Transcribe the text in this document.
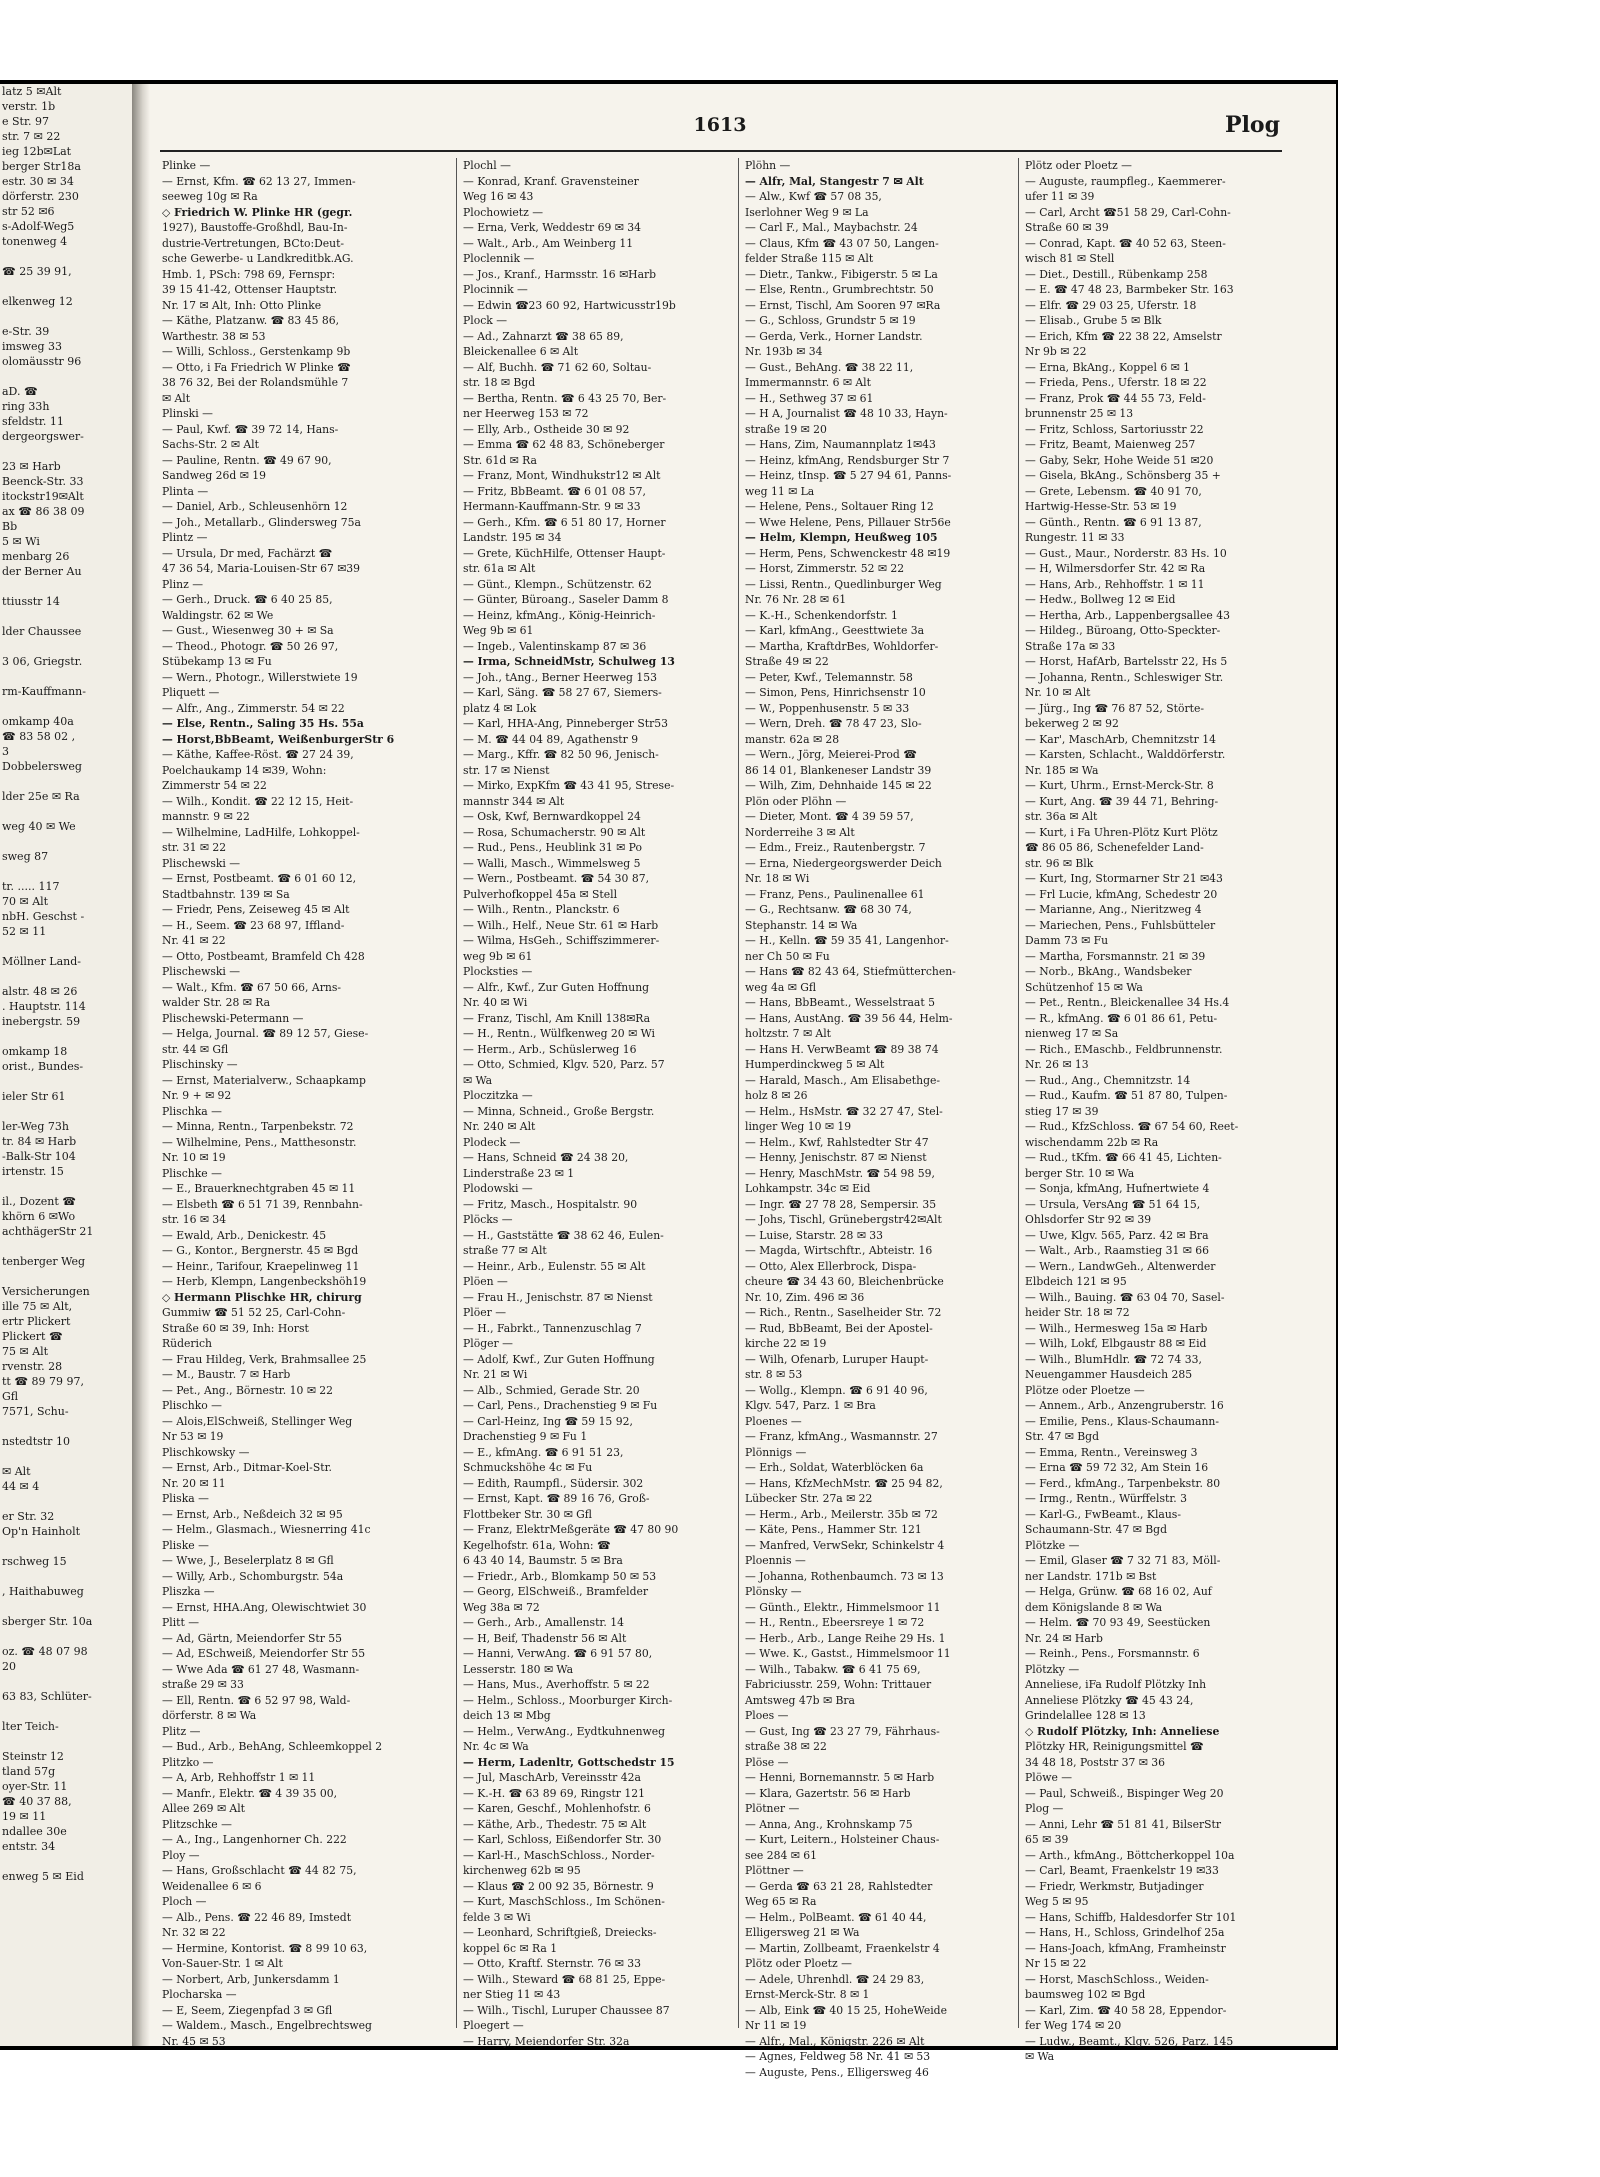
latz 5 ✉Alt
verstr. 1b
e Str. 97
str. 7 ✉ 22
ieg 12b✉Lat
berger Str18a
estr. 30 ✉ 34
dörferstr. 230
str 52 ✉6
s-Adolf-Weg5
tonenweg 4

☎ 25 39 91,

elkenweg 12

e-Str. 39
imsweg 33
olomäusstr 96

aD. ☎
ring 33h
sfeldstr. 11
dergeorgswer-

23 ✉ Harb
Beenck-Str. 33
itockstr19✉Alt
ax ☎ 86 38 09
Bb
5 ✉ Wi
menbarg 26
der Berner Au

ttiusstr 14

lder Chaussee

3 06, Griegstr.

rm-Kauffmann-

omkamp 40a
☎ 83 58 02 ,
3
Dobbelersweg

lder 25e ✉ Ra

weg 40 ✉ We

sweg 87

tr. ..... 117
70 ✉ Alt
nbH. Geschst -
52 ✉ 11

Möllner Land-

alstr. 48 ✉ 26
. Hauptstr. 114
inebergstr. 59

omkamp 18
orist., Bundes-

ieler Str 61

ler-Weg 73h
tr. 84 ✉ Harb
-Balk-Str 104
irtenstr. 15

il., Dozent ☎
khörn 6 ✉Wo
achthägerStr 21

tenberger Weg

Versicherungen
ille 75 ✉ Alt,
ertr Plickert
Plickert ☎
75 ✉ Alt
rvenstr. 28
tt ☎ 89 79 97,
Gfl
7571, Schu-

nstedtstr 10

✉ Alt
44 ✉ 4

er Str. 32
Op'n Hainholt

rschweg 15

, Haithabuweg

sberger Str. 10a

oz. ☎ 48 07 98
20

63 83, Schlüter-

lter Teich-

Steinstr 12
tland 57g
oyer-Str. 11
☎ 40 37 88,
19 ✉ 11
ndallee 30e
entstr. 34

enweg 5 ✉ Eid
1613	Plog
Plinke —
— Ernst, Kfm. ☎ 62 13 27, Immen-
seeweg 10g ✉ Ra
◇ Friedrich W. Plinke HR (gegr.
1927), Baustoffe-Großhdl, Bau-In-
dustrie-Vertretungen, BCto:Deut-
sche Gewerbe- u Landkreditbk.AG.
Hmb. 1, PSch: 798 69, Fernspr:
39 15 41-42, Ottenser Hauptstr.
Nr. 17 ✉ Alt, Inh: Otto Plinke
— Käthe, Platzanw. ☎ 83 45 86,
Warthestr. 38 ✉ 53
— Willi, Schloss., Gerstenkamp 9b
— Otto, i Fa Friedrich W Plinke ☎
38 76 32, Bei der Rolandsmühle 7
✉ Alt
Plinski —
— Paul, Kwf. ☎ 39 72 14, Hans-
Sachs-Str. 2 ✉ Alt
— Pauline, Rentn. ☎ 49 67 90,
Sandweg 26d ✉ 19
Plinta —
— Daniel, Arb., Schleusenhörn 12
— Joh., Metallarb., Glindersweg 75a
Plintz —
— Ursula, Dr med, Fachärzt ☎
47 36 54, Maria-Louisen-Str 67 ✉39
Plinz —
— Gerh., Druck. ☎ 6 40 25 85,
Waldingstr. 62 ✉ We
— Gust., Wiesenweg 30 + ✉ Sa
— Theod., Photogr. ☎ 50 26 97,
Stübekamp 13 ✉ Fu
— Wern., Photogr., Willerstwiete 19
Pliquett —
— Alfr., Ang., Zimmerstr. 54 ✉ 22
— Else, Rentn., Saling 35 Hs. 55a
— Horst,BbBeamt, WeißenburgerStr 6
— Käthe, Kaffee-Röst. ☎ 27 24 39,
Poelchaukamp 14 ✉39, Wohn:
Zimmerstr 54 ✉ 22
— Wilh., Kondit. ☎ 22 12 15, Heit-
mannstr. 9 ✉ 22
— Wilhelmine, LadHilfe, Lohkoppel-
str. 31 ✉ 22
Plischewski —
— Ernst, Postbeamt. ☎ 6 01 60 12,
Stadtbahnstr. 139 ✉ Sa
— Friedr, Pens, Zeiseweg 45 ✉ Alt
— H., Seem. ☎ 23 68 97, Iffland-
Nr. 41 ✉ 22
— Otto, Postbeamt, Bramfeld Ch 428
Plischewski —
— Walt., Kfm. ☎ 67 50 66, Arns-
walder Str. 28 ✉ Ra
Plischewski-Petermann —
— Helga, Journal. ☎ 89 12 57, Giese-
str. 44 ✉ Gfl
Plischinsky —
— Ernst, Materialverw., Schaapkamp
Nr. 9 + ✉ 92
Plischka —
— Minna, Rentn., Tarpenbekstr. 72
— Wilhelmine, Pens., Matthesonstr.
Nr. 10 ✉ 19
Plischke —
— E., Brauerknechtgraben 45 ✉ 11
— Elsbeth ☎ 6 51 71 39, Rennbahn-
str. 16 ✉ 34
— Ewald, Arb., Denickestr. 45
— G., Kontor., Bergnerstr. 45 ✉ Bgd
— Heinr., Tarifour, Kraepelinweg 11
— Herb, Klempn, Langenbeckshöh19
◇ Hermann Plischke HR, chirurg
Gummiw ☎ 51 52 25, Carl-Cohn-
Straße 60 ✉ 39, Inh: Horst
Rüderich
— Frau Hildeg, Verk, Brahmsallee 25
— M., Baustr. 7 ✉ Harb
— Pet., Ang., Börnestr. 10 ✉ 22
Plischko —
— Alois,ElSchweiß, Stellinger Weg
Nr 53 ✉ 19
Plischkowsky —
— Ernst, Arb., Ditmar-Koel-Str.
Nr. 20 ✉ 11
Pliska —
— Ernst, Arb., Neßdeich 32 ✉ 95
— Helm., Glasmach., Wiesnerring 41c
Pliske —
— Wwe, J., Beselerplatz 8 ✉ Gfl
— Willy, Arb., Schomburgstr. 54a
Pliszka —
— Ernst, HHA.Ang, Olewischtwiet 30
Plitt —
— Ad, Gärtn, Meiendorfer Str 55
— Ad, ESchweiß, Meiendorfer Str 55
— Wwe Ada ☎ 61 27 48, Wasmann-
straße 29 ✉ 33
— Ell, Rentn. ☎ 6 52 97 98, Wald-
dörferstr. 8 ✉ Wa
Plitz —
— Bud., Arb., BehAng, Schleemkoppel 2
Plitzko —
— A, Arb, Rehhoffstr 1 ✉ 11
— Manfr., Elektr. ☎ 4 39 35 00,
Allee 269 ✉ Alt
Plitzschke —
— A., Ing., Langenhorner Ch. 222
Ploy —
— Hans, Großschlacht ☎ 44 82 75,
Weidenallee 6 ✉ 6
Ploch —
— Alb., Pens. ☎ 22 46 89, Imstedt
Nr. 32 ✉ 22
— Hermine, Kontorist. ☎ 8 99 10 63,
Von-Sauer-Str. 1 ✉ Alt
— Norbert, Arb, Junkersdamm 1
Plocharska —
— E, Seem, Ziegenpfad 3 ✉ Gfl
— Waldem., Masch., Engelbrechtsweg
Nr. 45 ✉ 53
Plochl —
— Konrad, Kranf. Gravensteiner
Weg 16 ✉ 43
Plochowietz —
— Erna, Verk, Weddestr 69 ✉ 34
— Walt., Arb., Am Weinberg 11
Ploclennik —
— Jos., Kranf., Harmsstr. 16 ✉Harb
Plocinnik —
— Edwin ☎23 60 92, Hartwicusstr19b
Plock —
— Ad., Zahnarzt ☎ 38 65 89,
Bleickenallee 6 ✉ Alt
— Alf, Buchh. ☎ 71 62 60, Soltau-
str. 18 ✉ Bgd
— Bertha, Rentn. ☎ 6 43 25 70, Ber-
ner Heerweg 153 ✉ 72
— Elly, Arb., Ostheide 30 ✉ 92
— Emma ☎ 62 48 83, Schöneberger
Str. 61d ✉ Ra
— Franz, Mont, Windhukstr12 ✉ Alt
— Fritz, BbBeamt. ☎ 6 01 08 57,
Hermann-Kauffmann-Str. 9 ✉ 33
— Gerh., Kfm. ☎ 6 51 80 17, Horner
Landstr. 195 ✉ 34
— Grete, KüchHilfe, Ottenser Haupt-
str. 61a ✉ Alt
— Günt., Klempn., Schützenstr. 62
— Günter, Büroang., Saseler Damm 8
— Heinz, kfmAng., König-Heinrich-
Weg 9b ✉ 61
— Ingeb., Valentinskamp 87 ✉ 36
— Irma, SchneidMstr, Schulweg 13
— Joh., tAng., Berner Heerweg 153
— Karl, Säng. ☎ 58 27 67, Siemers-
platz 4 ✉ Lok
— Karl, HHA-Ang, Pinneberger Str53
— M. ☎ 44 04 89, Agathenstr 9
— Marg., Kffr. ☎ 82 50 96, Jenisch-
str. 17 ✉ Nienst
— Mirko, ExpKfm ☎ 43 41 95, Strese-
mannstr 344 ✉ Alt
— Osk, Kwf, Bernwardkoppel 24
— Rosa, Schumacherstr. 90 ✉ Alt
— Rud., Pens., Heublink 31 ✉ Po
— Walli, Masch., Wimmelsweg 5
— Wern., Postbeamt. ☎ 54 30 87,
Pulverhofkoppel 45a ✉ Stell
— Wilh., Rentn., Planckstr. 6
— Wilh., Helf., Neue Str. 61 ✉ Harb
— Wilma, HsGeh., Schiffszimmerer-
weg 9b ✉ 61
Plocksties —
— Alfr., Kwf., Zur Guten Hoffnung
Nr. 40 ✉ Wi
— Franz, Tischl, Am Knill 138✉Ra
— H., Rentn., Wülfkenweg 20 ✉ Wi
— Herm., Arb., Schüslerweg 16
— Otto, Schmied, Klgv. 520, Parz. 57
✉ Wa
Ploczitzka —
— Minna, Schneid., Große Bergstr.
Nr. 240 ✉ Alt
Plodeck —
— Hans, Schneid ☎ 24 38 20,
Linderstraße 23 ✉ 1
Plodowski —
— Fritz, Masch., Hospitalstr. 90
Plöcks —
— H., Gaststätte ☎ 38 62 46, Eulen-
straße 77 ✉ Alt
— Heinr., Arb., Eulenstr. 55 ✉ Alt
Plöen —
— Frau H., Jenischstr. 87 ✉ Nienst
Plöer —
— H., Fabrkt., Tannenzuschlag 7
Plöger —
— Adolf, Kwf., Zur Guten Hoffnung
Nr. 21 ✉ Wi
— Alb., Schmied, Gerade Str. 20
— Carl, Pens., Drachenstieg 9 ✉ Fu
— Carl-Heinz, Ing ☎ 59 15 92,
Drachenstieg 9 ✉ Fu 1
— E., kfmAng. ☎ 6 91 51 23,
Schmuckshöhe 4c ✉ Fu
— Edith, Raumpfl., Südersir. 302
— Ernst, Kapt. ☎ 89 16 76, Groß-
Flottbeker Str. 30 ✉ Gfl
— Franz, ElektrMeßgeräte ☎ 47 80 90
Kegelhofstr. 61a, Wohn: ☎
6 43 40 14, Baumstr. 5 ✉ Bra
— Friedr., Arb., Blomkamp 50 ✉ 53
— Georg, ElSchweiß., Bramfelder
Weg 38a ✉ 72
— Gerh., Arb., Amallenstr. 14
— H, Beif, Thadenstr 56 ✉ Alt
— Hanni, VerwAng. ☎ 6 91 57 80,
Lesserstr. 180 ✉ Wa
— Hans, Mus., Averhoffstr. 5 ✉ 22
— Helm., Schloss., Moorburger Kirch-
deich 13 ✉ Mbg
— Helm., VerwAng., Eydtkuhnenweg
Nr. 4c ✉ Wa
— Herm, Ladenltr, Gottschedstr 15
— Jul, MaschArb, Vereinsstr 42a
— K.-H. ☎ 63 89 69, Ringstr 121
— Karen, Geschf., Mohlenhofstr. 6
— Käthe, Arb., Thedestr. 75 ✉ Alt
— Karl, Schloss, Eißendorfer Str. 30
— Karl-H., MaschSchloss., Norder-
kirchenweg 62b ✉ 95
— Klaus ☎ 2 00 92 35, Börnestr. 9
— Kurt, MaschSchloss., Im Schönen-
felde 3 ✉ Wi
— Leonhard, Schriftgieß, Dreiecks-
koppel 6c ✉ Ra 1
— Otto, Kraftf. Sternstr. 76 ✉ 33
— Wilh., Steward ☎ 68 81 25, Eppe-
ner Stieg 11 ✉ 43
— Wilh., Tischl, Luruper Chaussee 87
Ploegert —
— Harry, Meiendorfer Str. 32a
Plöhn —
— Alfr, Mal, Stangestr 7 ✉ Alt
— Alw., Kwf ☎ 57 08 35,
Iserlohner Weg 9 ✉ La
— Carl F., Mal., Maybachstr. 24
— Claus, Kfm ☎ 43 07 50, Langen-
felder Straße 115 ✉ Alt
— Dietr., Tankw., Fibigerstr. 5 ✉ La
— Else, Rentn., Grumbrechtstr. 50
— Ernst, Tischl, Am Sooren 97 ✉Ra
— G., Schloss, Grundstr 5 ✉ 19
— Gerda, Verk., Horner Landstr.
Nr. 193b ✉ 34
— Gust., BehAng. ☎ 38 22 11,
Immermannstr. 6 ✉ Alt
— H., Sethweg 37 ✉ 61
— H A, Journalist ☎ 48 10 33, Hayn-
straße 19 ✉ 20
— Hans, Zim, Naumannplatz 1✉43
— Heinz, kfmAng, Rendsburger Str 7
— Heinz, tInsp. ☎ 5 27 94 61, Panns-
weg 11 ✉ La
— Helene, Pens., Soltauer Ring 12
— Wwe Helene, Pens, Pillauer Str56e
— Helm, Klempn, Heußweg 105
— Herm, Pens, Schwenckestr 48 ✉19
— Horst, Zimmerstr. 52 ✉ 22
— Lissi, Rentn., Quedlinburger Weg
Nr. 76 Nr. 28 ✉ 61
— K.-H., Schenkendorfstr. 1
— Karl, kfmAng., Geesttwiete 3a
— Martha, KraftdrBes, Wohldorfer-
Straße 49 ✉ 22
— Peter, Kwf., Telemannstr. 58
— Simon, Pens, Hinrichsenstr 10
— W., Poppenhusenstr. 5 ✉ 33
— Wern, Dreh. ☎ 78 47 23, Slo-
manstr. 62a ✉ 28
— Wern., Jörg, Meierei-Prod ☎
86 14 01, Blankeneser Landstr 39
— Wilh, Zim, Dehnhaide 145 ✉ 22
Plön oder Plöhn —
— Dieter, Mont. ☎ 4 39 59 57,
Norderreihe 3 ✉ Alt
— Edm., Freiz., Rautenbergstr. 7
— Erna, Niedergeorgswerder Deich
Nr. 18 ✉ Wi
— Franz, Pens., Paulinenallee 61
— G., Rechtsanw. ☎ 68 30 74,
Stephanstr. 14 ✉ Wa
— H., Kelln. ☎ 59 35 41, Langenhor-
ner Ch 50 ✉ Fu
— Hans ☎ 82 43 64, Stiefmütterchen-
weg 4a ✉ Gfl
— Hans, BbBeamt., Wesselstraat 5
— Hans, AustAng. ☎ 39 56 44, Helm-
holtzstr. 7 ✉ Alt
— Hans H. VerwBeamt ☎ 89 38 74
Humperdinckweg 5 ✉ Alt
— Harald, Masch., Am Elisabethge-
holz 8 ✉ 26
— Helm., HsMstr. ☎ 32 27 47, Stel-
linger Weg 10 ✉ 19
— Helm., Kwf, Rahlstedter Str 47
— Henny, Jenischstr. 87 ✉ Nienst
— Henry, MaschMstr. ☎ 54 98 59,
Lohkampstr. 34c ✉ Eid
— Ingr. ☎ 27 78 28, Sempersir. 35
— Johs, Tischl, Grünebergstr42✉Alt
— Luise, Starstr. 28 ✉ 33
— Magda, Wirtschftr., Abteistr. 16
— Otto, Alex Ellerbrock, Dispa-
cheure ☎ 34 43 60, Bleichenbrücke
Nr. 10, Zim. 496 ✉ 36
— Rich., Rentn., Saselheider Str. 72
— Rud, BbBeamt, Bei der Apostel-
kirche 22 ✉ 19
— Wilh, Ofenarb, Luruper Haupt-
str. 8 ✉ 53
— Wollg., Klempn. ☎ 6 91 40 96,
Klgv. 547, Parz. 1 ✉ Bra
Ploenes —
— Franz, kfmAng., Wasmannstr. 27
Plönnigs —
— Erh., Soldat, Waterblöcken 6a
— Hans, KfzMechMstr. ☎ 25 94 82,
Lübecker Str. 27a ✉ 22
— Herm., Arb., Meilerstr. 35b ✉ 72
— Käte, Pens., Hammer Str. 121
— Manfred, VerwSekr, Schinkelstr 4
Ploennis —
— Johanna, Rothenbaumch. 73 ✉ 13
Plönsky —
— Günth., Elektr., Himmelsmoor 11
— H., Rentn., Ebeersreye 1 ✉ 72
— Herb., Arb., Lange Reihe 29 Hs. 1
— Wwe. K., Gastst., Himmelsmoor 11
— Wilh., Tabakw. ☎ 6 41 75 69,
Fabriciusstr. 259, Wohn: Trittauer
Amtsweg 47b ✉ Bra
Ploes —
— Gust, Ing ☎ 23 27 79, Fährhaus-
straße 38 ✉ 22
Plöse —
— Henni, Bornemannstr. 5 ✉ Harb
— Klara, Gazertstr. 56 ✉ Harb
Plötner —
— Anna, Ang., Krohnskamp 75
— Kurt, Leitern., Holsteiner Chaus-
see 284 ✉ 61
Plöttner —
— Gerda ☎ 63 21 28, Rahlstedter
Weg 65 ✉ Ra
— Helm., PolBeamt. ☎ 61 40 44,
Elligersweg 21 ✉ Wa
— Martin, Zollbeamt, Fraenkelstr 4
Plötz oder Ploetz —
— Adele, Uhrenhdl. ☎ 24 29 83,
Ernst-Merck-Str. 8 ✉ 1
— Alb, Eink ☎ 40 15 25, HoheWeide
Nr 11 ✉ 19
— Alfr., Mal., Königstr. 226 ✉ Alt
— Agnes, Feldweg 58 Nr. 41 ✉ 53
— Auguste, Pens., Elligersweg 46
Plötz oder Ploetz —
— Auguste, raumpfleg., Kaemmerer-
ufer 11 ✉ 39
— Carl, Archt ☎51 58 29, Carl-Cohn-
Straße 60 ✉ 39
— Conrad, Kapt. ☎ 40 52 63, Steen-
wisch 81 ✉ Stell
— Diet., Destill., Rübenkamp 258
— E. ☎ 47 48 23, Barmbeker Str. 163
— Elfr. ☎ 29 03 25, Uferstr. 18
— Elisab., Grube 5 ✉ Blk
— Erich, Kfm ☎ 22 38 22, Amselstr
Nr 9b ✉ 22
— Erna, BkAng., Koppel 6 ✉ 1
— Frieda, Pens., Uferstr. 18 ✉ 22
— Franz, Prok ☎ 44 55 73, Feld-
brunnenstr 25 ✉ 13
— Fritz, Schloss, Sartoriusstr 22
— Fritz, Beamt, Maienweg 257
— Gaby, Sekr, Hohe Weide 51 ✉20
— Gisela, BkAng., Schönsberg 35 +
— Grete, Lebensm. ☎ 40 91 70,
Hartwig-Hesse-Str. 53 ✉ 19
— Günth., Rentn. ☎ 6 91 13 87,
Rungestr. 11 ✉ 33
— Gust., Maur., Norderstr. 83 Hs. 10
— H, Wilmersdorfer Str. 42 ✉ Ra
— Hans, Arb., Rehhoffstr. 1 ✉ 11
— Hedw., Bollweg 12 ✉ Eid
— Hertha, Arb., Lappenbergsallee 43
— Hildeg., Büroang, Otto-Speckter-
Straße 17a ✉ 33
— Horst, HafArb, Bartelsstr 22, Hs 5
— Johanna, Rentn., Schleswiger Str.
Nr. 10 ✉ Alt
— Jürg., Ing ☎ 76 87 52, Störte-
bekerweg 2 ✉ 92
— Kar', MaschArb, Chemnitzstr 14
— Karsten, Schlacht., Walddörferstr.
Nr. 185 ✉ Wa
— Kurt, Uhrm., Ernst-Merck-Str. 8
— Kurt, Ang. ☎ 39 44 71, Behring-
str. 36a ✉ Alt
— Kurt, i Fa Uhren-Plötz Kurt Plötz
☎ 86 05 86, Schenefelder Land-
str. 96 ✉ Blk
— Kurt, Ing, Stormarner Str 21 ✉43
— Frl Lucie, kfmAng, Schedestr 20
— Marianne, Ang., Nieritzweg 4
— Mariechen, Pens., Fuhlsbütteler
Damm 73 ✉ Fu
— Martha, Forsmannstr. 21 ✉ 39
— Norb., BkAng., Wandsbeker
Schützenhof 15 ✉ Wa
— Pet., Rentn., Bleickenallee 34 Hs.4
— R., kfmAng. ☎ 6 01 86 61, Petu-
nienweg 17 ✉ Sa
— Rich., EMaschb., Feldbrunnenstr.
Nr. 26 ✉ 13
— Rud., Ang., Chemnitzstr. 14
— Rud., Kaufm. ☎ 51 87 80, Tulpen-
stieg 17 ✉ 39
— Rud., KfzSchloss. ☎ 67 54 60, Reet-
wischendamm 22b ✉ Ra
— Rud., tKfm. ☎ 66 41 45, Lichten-
berger Str. 10 ✉ Wa
— Sonja, kfmAng, Hufnertwiete 4
— Ursula, VersAng ☎ 51 64 15,
Ohlsdorfer Str 92 ✉ 39
— Uwe, Klgv. 565, Parz. 42 ✉ Bra
— Walt., Arb., Raamstieg 31 ✉ 66
— Wern., LandwGeh., Altenwerder
Elbdeich 121 ✉ 95
— Wilh., Bauing. ☎ 63 04 70, Sasel-
heider Str. 18 ✉ 72
— Wilh., Hermesweg 15a ✉ Harb
— Wilh, Lokf, Elbgaustr 88 ✉ Eid
— Wilh., BlumHdlr. ☎ 72 74 33,
Neuengammer Hausdeich 285
Plötze oder Ploetze —
— Annem., Arb., Anzengruberstr. 16
— Emilie, Pens., Klaus-Schaumann-
Str. 47 ✉ Bgd
— Emma, Rentn., Vereinsweg 3
— Erna ☎ 59 72 32, Am Stein 16
— Ferd., kfmAng., Tarpenbekstr. 80
— Irmg., Rentn., Würffelstr. 3
— Karl-G., FwBeamt., Klaus-
Schaumann-Str. 47 ✉ Bgd
Plötzke —
— Emil, Glaser ☎ 7 32 71 83, Möll-
ner Landstr. 171b ✉ Bst
— Helga, Grünw. ☎ 68 16 02, Auf
dem Königslande 8 ✉ Wa
— Helm. ☎ 70 93 49, Seestücken
Nr. 24 ✉ Harb
— Reinh., Pens., Forsmannstr. 6
Plötzky —
Anneliese, iFa Rudolf Plötzky Inh
Anneliese Plötzky ☎ 45 43 24,
Grindelallee 128 ✉ 13
◇ Rudolf Plötzky, Inh: Anneliese
Plötzky HR, Reinigungsmittel ☎
34 48 18, Poststr 37 ✉ 36
Plöwe —
— Paul, Schweiß., Bispinger Weg 20
Plog —
— Anni, Lehr ☎ 51 81 41, BilserStr
65 ✉ 39
— Arth., kfmAng., Böttcherkoppel 10a
— Carl, Beamt, Fraenkelstr 19 ✉33
— Friedr, Werkmstr, Butjadinger
Weg 5 ✉ 95
— Hans, Schiffb, Haldesdorfer Str 101
— Hans, H., Schloss, Grindelhof 25a
— Hans-Joach, kfmAng, Framheinstr
Nr 15 ✉ 22
— Horst, MaschSchloss., Weiden-
baumsweg 102 ✉ Bgd
— Karl, Zim. ☎ 40 58 28, Eppendor-
fer Weg 174 ✉ 20
— Ludw., Beamt., Klgv. 526, Parz. 145
✉ Wa
